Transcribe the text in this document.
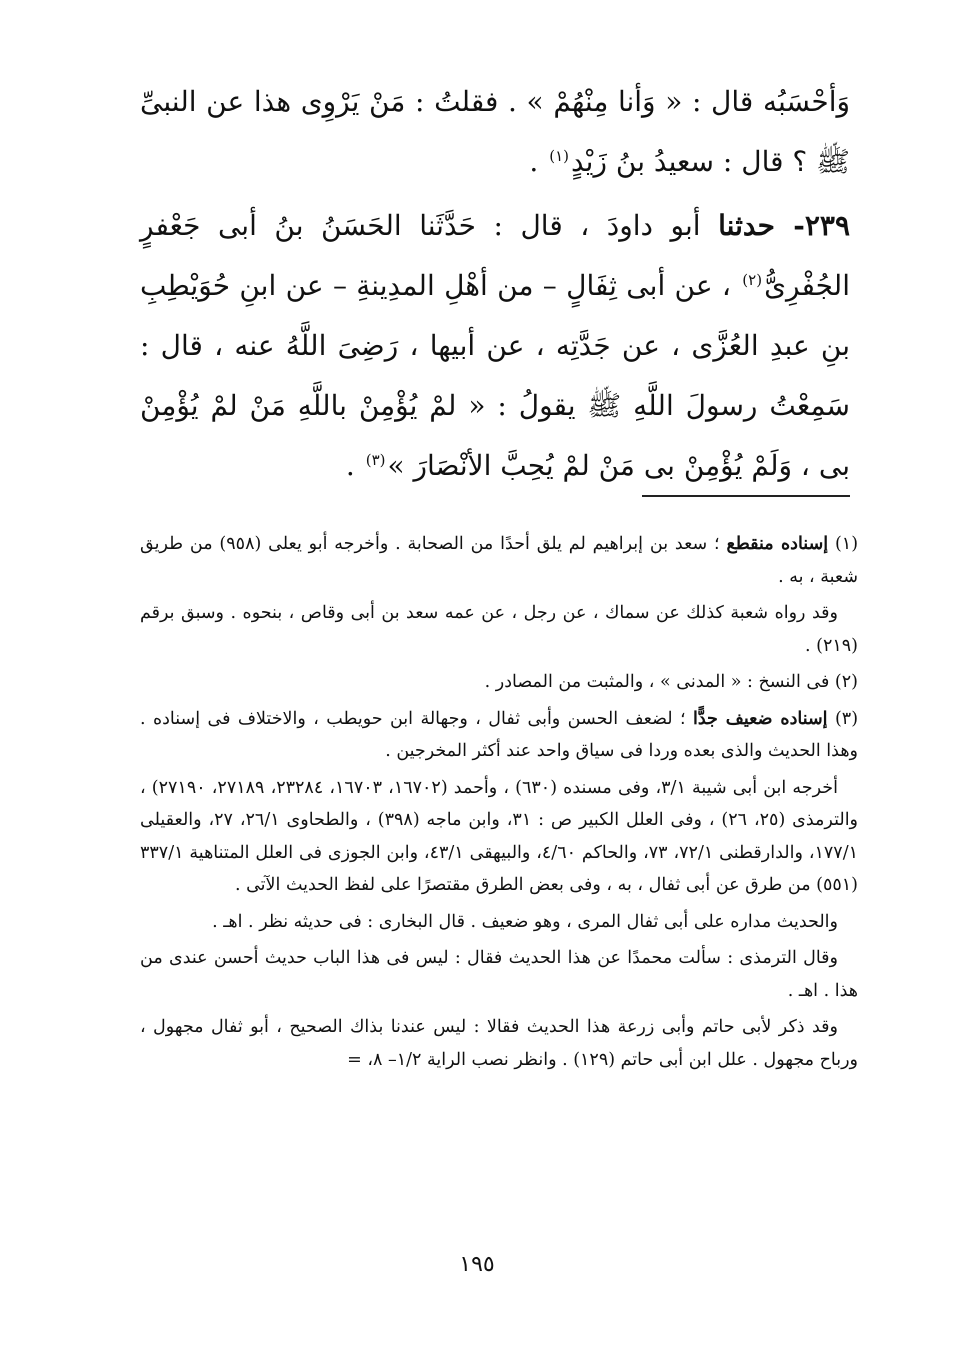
وَأحْسَبُه قال : « وَأنا مِنْهُمْ » . فقلتُ : مَنْ يَرْوِى هذا عن النبىِّ ﷺ ؟ قال : سعيدُ بنُ زَيْدٍ$^{(١)}$ .

٢٣٩- حدثنا أبو داودَ ، قال : حَدَّثَنا الحَسَنُ بنُ أبى جَعْفرٍ الجُفْرِىُّ$^{(٢)}$ ، عن أبى ثِفَالٍ – من أهْلِ المدِينةِ – عن ابنِ حُوَيْطِبِ بنِ عبدِ العُزَّى ، عن جَدَّتِه ، عن أبيها ، رَضِىَ اللَّهُ عنه ، قال : سَمِعْتُ رسولَ اللَّهِ ﷺ يقولُ : « لمْ يُؤْمِنْ باللَّهِ مَنْ لمْ يُؤْمِنْ بى ، وَلَمْ يُؤْمِنْ بى مَنْ لمْ يُحِبَّ الأنْصَارَ »$^{(٣)}$ .

(١) إسناده منقطع ؛ سعد بن إبراهيم لم يلق أحدًا من الصحابة . وأخرجه أبو يعلى (٩٥٨) من طريق شعبة ، به .

وقد رواه شعبة كذلك عن سماك ، عن رجل ، عن عمه سعد بن أبى وقاص ، بنحوه . وسبق برقم (٢١٩) .

(٢) فى النسخ : « المدنى » ، والمثبت من المصادر .

(٣) إسناده ضعيف جدًّا ؛ لضعف الحسن وأبى ثفال ، وجهالة ابن حويطب ، والاختلاف فى إسناده . وهذا الحديث والذى بعده وردا فى سياق واحد عند أكثر المخرجين .

أخرجه ابن أبى شيبة ٣/١، وفى مسنده (٦٣٠) ، وأحمد (١٦٧٠٢، ١٦٧٠٣، ٢٣٢٨٤، ٢٧١٨٩، ٢٧١٩٠) ، والترمذى (٢٥، ٢٦) ، وفى العلل الكبير ص : ٣١، وابن ماجه (٣٩٨) ، والطحاوى ٢٦/١، ٢٧، والعقيلى ١٧٧/١، والدارقطنى ٧٢/١، ٧٣، والحاكم ٤/٦٠، والبيهقى ٤٣/١، وابن الجوزى فى العلل المتناهية ٣٣٧/١ (٥٥١) من طرق عن أبى ثفال ، به ، وفى بعض الطرق مقتصرًا على لفظ الحديث الآتى .

والحديث مداره على أبى ثفال المرى ، وهو ضعيف . قال البخارى : فى حديثه نظر . اهـ .

وقال الترمذى : سألت محمدًا عن هذا الحديث فقال : ليس فى هذا الباب حديث أحسن عندى من هذا . اهـ .

وقد ذكر لأبى حاتم وأبى زرعة هذا الحديث فقالا : ليس عندنا بذاك الصحيح ، أبو ثفال مجهول ، ورباح مجهول . علل ابن أبى حاتم (١٢٩) . وانظر نصب الراية ١/٢– ٨، =

١٩٥
